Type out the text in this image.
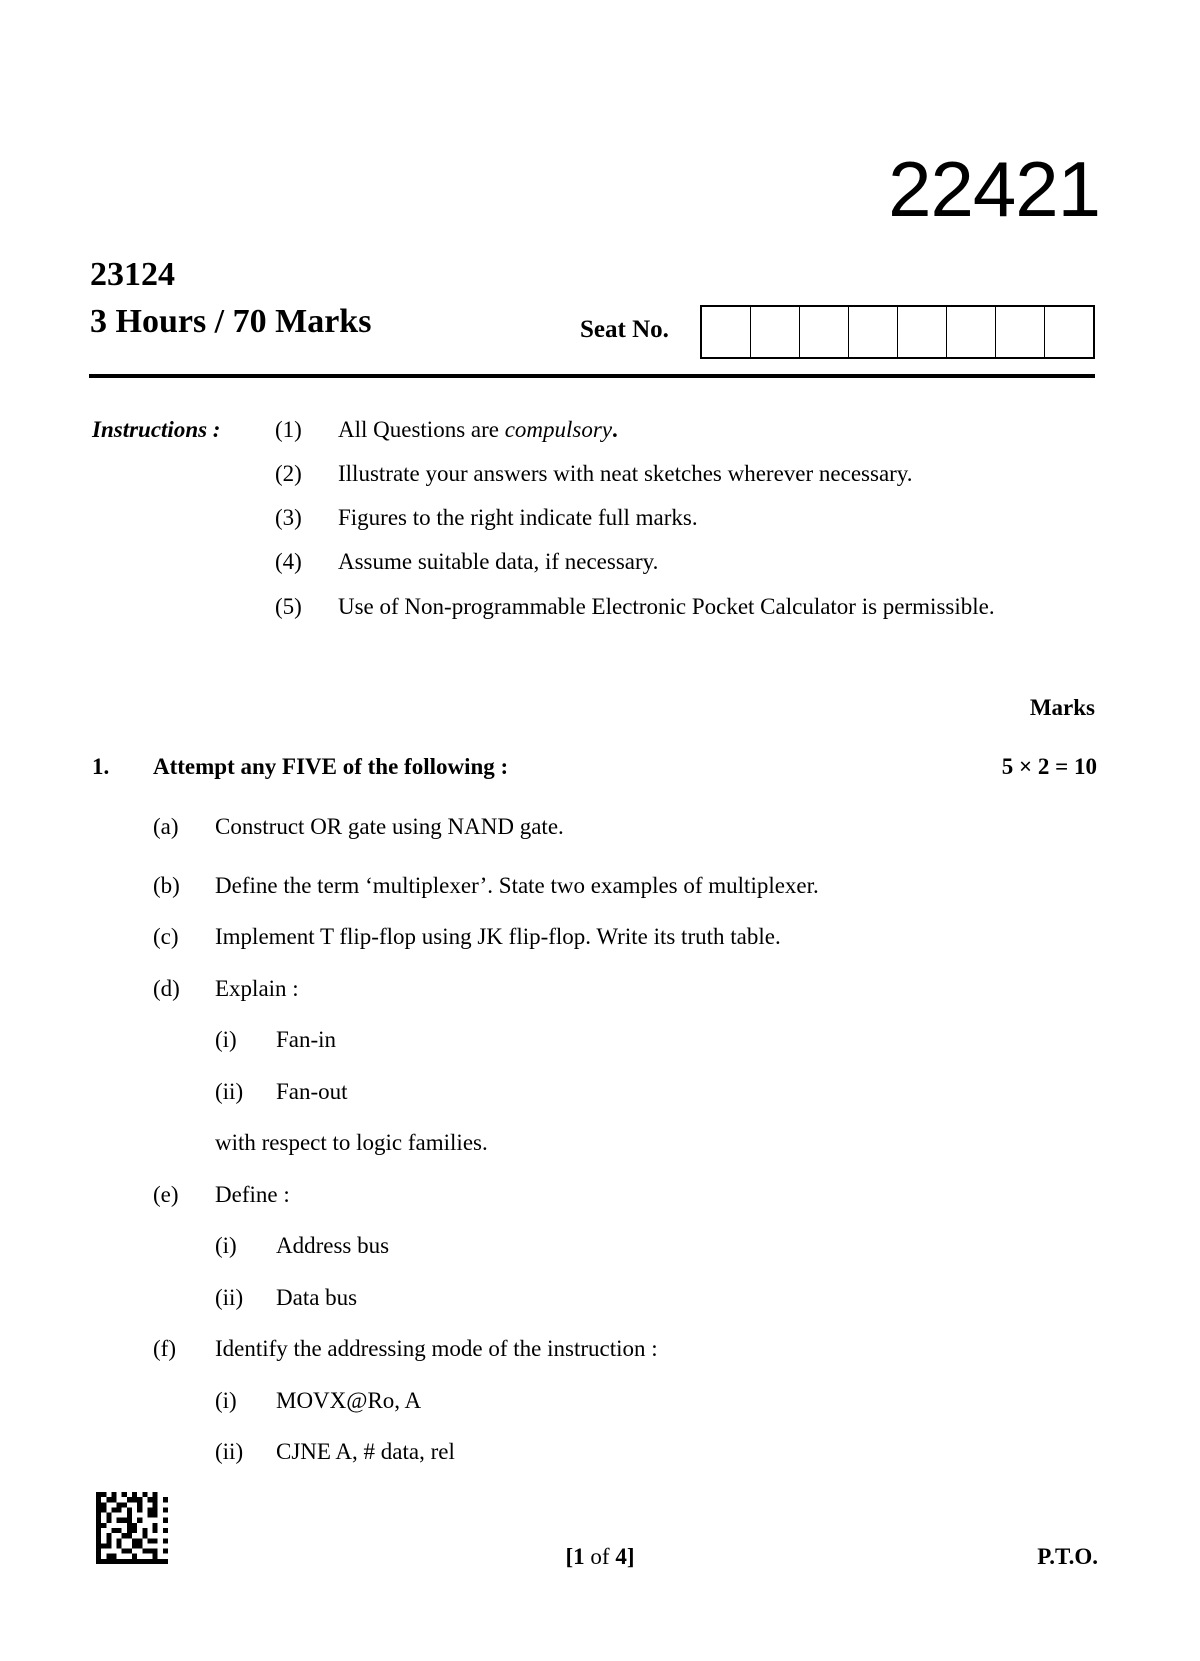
22421
23124
3 Hours / 70 Marks	Seat No.
Instructions : (1) All Questions are compulsory.
(2) Illustrate your answers with neat sketches wherever necessary.
(3) Figures to the right indicate full marks.
(4) Assume suitable data, if necessary.
(5) Use of Non-programmable Electronic Pocket Calculator is permissible.
Marks
1. Attempt any FIVE of the following :	5 × 2 = 10
(a) Construct OR gate using NAND gate.
(b) Define the term ‘multiplexer’. State two examples of multiplexer.
(c) Implement T flip-flop using JK flip-flop. Write its truth table.
(d) Explain :
(i) Fan-in
(ii) Fan-out
with respect to logic families.
(e) Define :
(i) Address bus
(ii) Data bus
(f) Identify the addressing mode of the instruction :
(i) MOVX@Ro, A
(ii) CJNE A, # data, rel
[1 of 4]	P.T.O.
